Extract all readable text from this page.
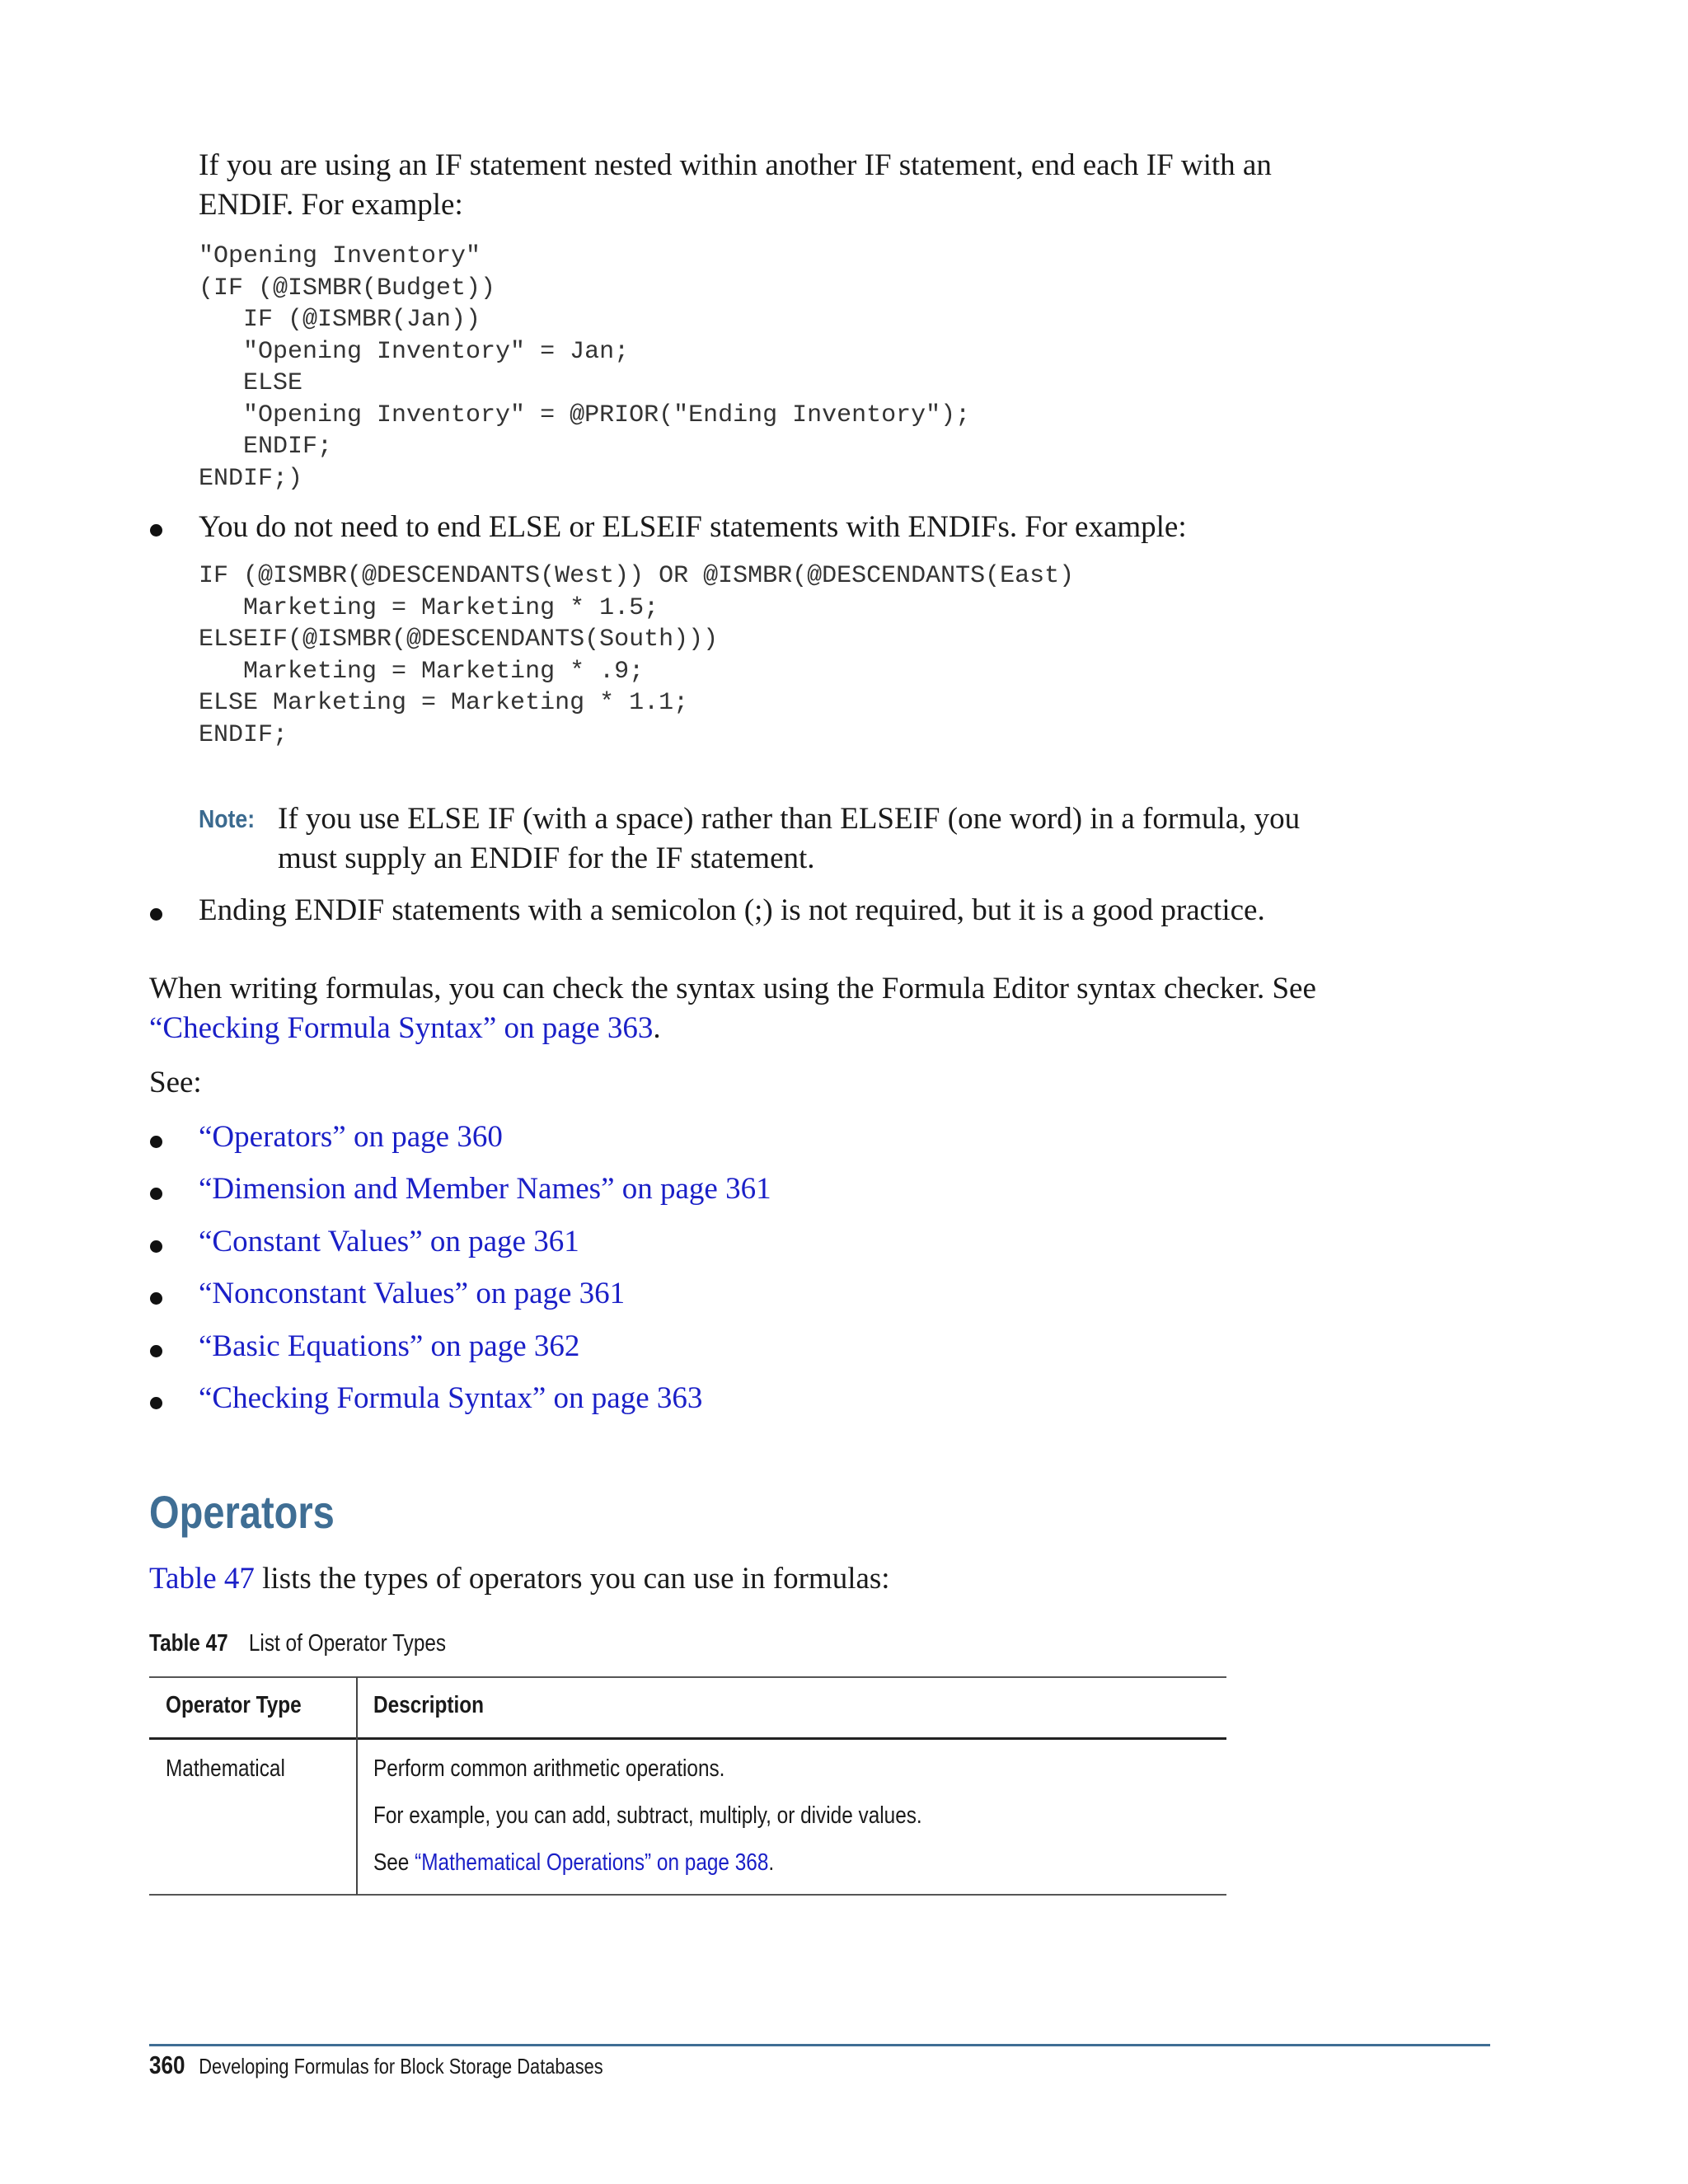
If you are using an IF statement nested within another IF statement, end each IF with an

ENDIF. For example:

"Opening Inventory"
(IF (@ISMBR(Budget))
IF (@ISMBR(Jan))
"Opening Inventory" = Jan;
ELSE
"Opening Inventory" = @PRIOR("Ending Inventory");
ENDIF;
ENDIF;)

You do not need to end ELSE or ELSEIF statements with ENDIFs. For example:

IF (@ISMBR(@DESCENDANTS(West)) OR @ISMBR(@DESCENDANTS(East)
Marketing = Marketing * 1.5;
ELSEIF(@ISMBR(@DESCENDANTS(South)))
Marketing = Marketing * .9;
ELSE Marketing = Marketing * 1.1;
ENDIF;
Note: If you use ELSE IF (with a space) rather than ELSEIF (one word) in a formula, you

must supply an ENDIF for the IF statement.

Ending ENDIF statements with a semicolon (;) is not required, but it is a good practice.

When writing formulas, you can check the syntax using the Formula Editor syntax checker. See

“Checking Formula Syntax” on page 363.

See:

“Operators” on page 360

“Dimension and Member Names” on page 361

“Constant Values” on page 361

“Nonconstant Values” on page 361

“Basic Equations” on page 362

“Checking Formula Syntax” on page 363

Operators

Table 47 lists the types of operators you can use in formulas:

Table 47 List of Operator Types
Operator Type	Description
Mathematical	Perform common arithmetic operations.
For example, you can add, subtract, multiply, or divide values.
See “Mathematical Operations” on page 368.
360 Developing Formulas for Block Storage Databases
